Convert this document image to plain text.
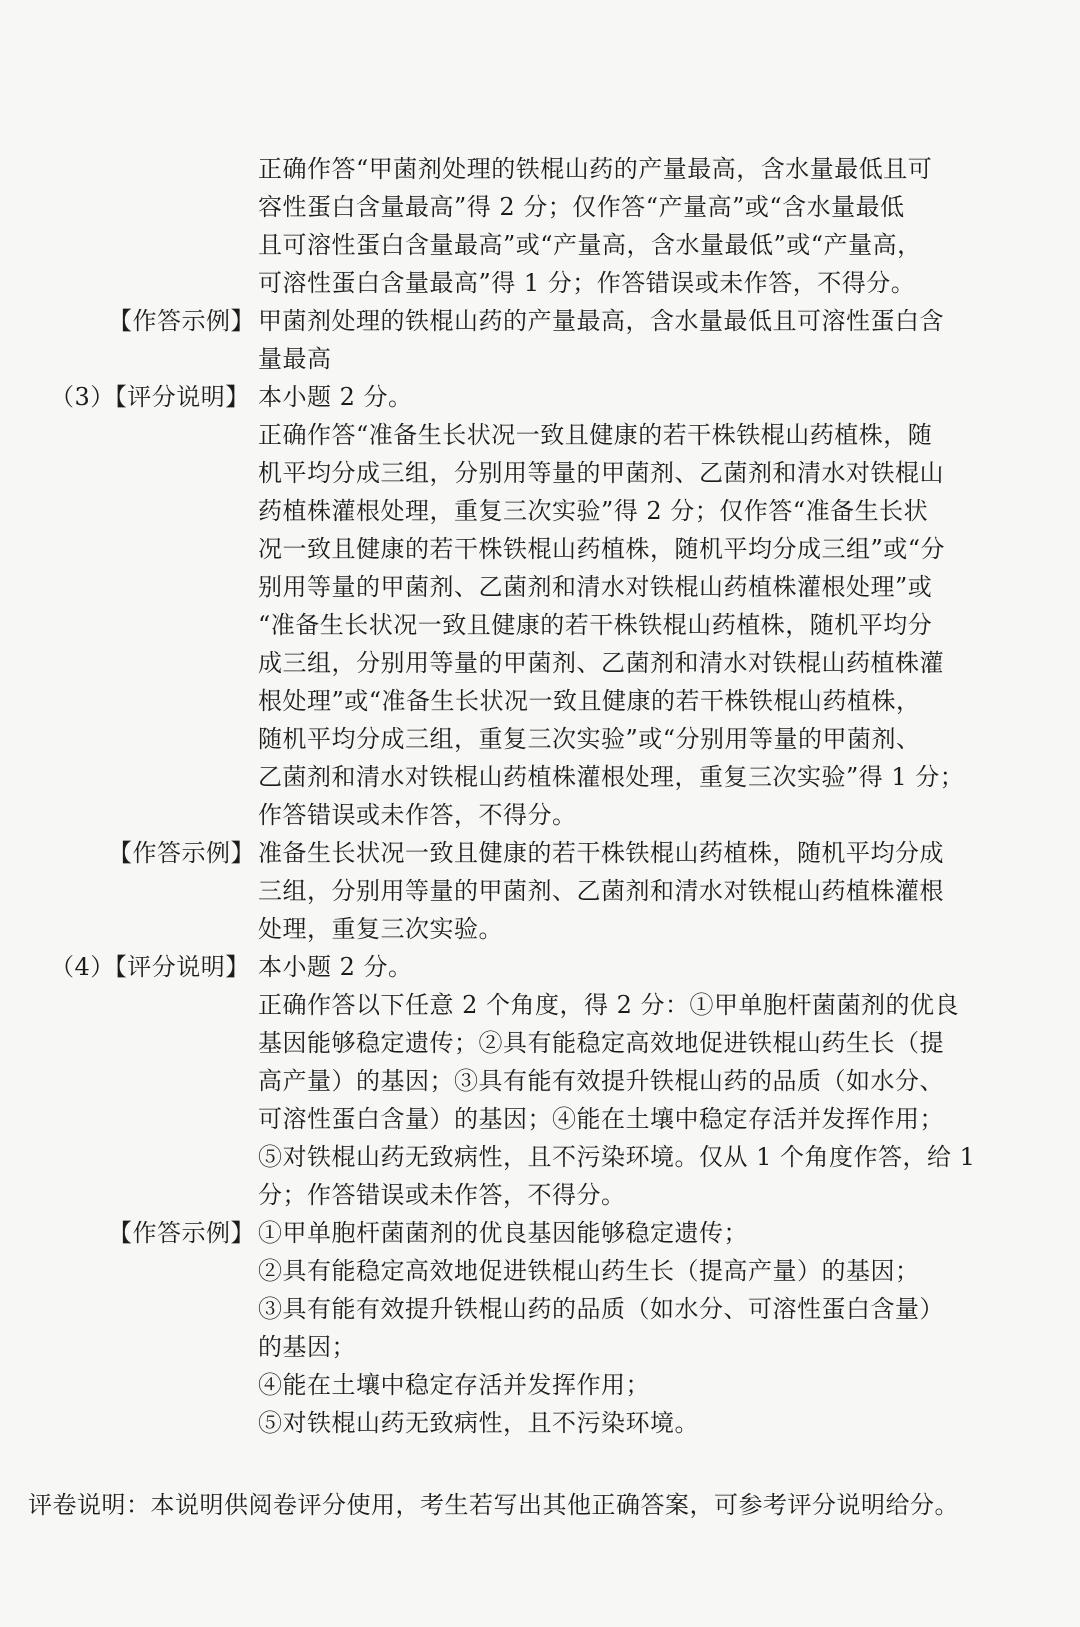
正确作答“甲菌剂处理的铁棍山药的产量最高，含水量最低且可
容性蛋白含量最高”得 2 分；仅作答“产量高”或“含水量最低
且可溶性蛋白含量最高”或“产量高，含水量最低”或“产量高，
可溶性蛋白含量最高”得 1 分；作答错误或未作答，不得分。
【作答示例】 甲菌剂处理的铁棍山药的产量最高，含水量最低且可溶性蛋白含
量最高
（3）【评分说明】 本小题 2 分。
正确作答“准备生长状况一致且健康的若干株铁棍山药植株，随
机平均分成三组，分别用等量的甲菌剂、乙菌剂和清水对铁棍山
药植株灌根处理，重复三次实验”得 2 分；仅作答“准备生长状
况一致且健康的若干株铁棍山药植株，随机平均分成三组”或“分
别用等量的甲菌剂、乙菌剂和清水对铁棍山药植株灌根处理”或
“准备生长状况一致且健康的若干株铁棍山药植株，随机平均分
成三组，分别用等量的甲菌剂、乙菌剂和清水对铁棍山药植株灌
根处理”或“准备生长状况一致且健康的若干株铁棍山药植株，
随机平均分成三组，重复三次实验”或“分别用等量的甲菌剂、
乙菌剂和清水对铁棍山药植株灌根处理，重复三次实验”得 1 分；
作答错误或未作答，不得分。
【作答示例】 准备生长状况一致且健康的若干株铁棍山药植株，随机平均分成
三组，分别用等量的甲菌剂、乙菌剂和清水对铁棍山药植株灌根
处理，重复三次实验。
（4）【评分说明】 本小题 2 分。
正确作答以下任意 2 个角度，得 2 分：①甲单胞杆菌菌剂的优良
基因能够稳定遗传；②具有能稳定高效地促进铁棍山药生长（提
高产量）的基因；③具有能有效提升铁棍山药的品质（如水分、
可溶性蛋白含量）的基因；④能在土壤中稳定存活并发挥作用；
⑤对铁棍山药无致病性，且不污染环境。仅从 1 个角度作答，给 1
分；作答错误或未作答，不得分。
【作答示例】 ①甲单胞杆菌菌剂的优良基因能够稳定遗传；
②具有能稳定高效地促进铁棍山药生长（提高产量）的基因；
③具有能有效提升铁棍山药的品质（如水分、可溶性蛋白含量）
的基因；
④能在土壤中稳定存活并发挥作用；
⑤对铁棍山药无致病性，且不污染环境。
评卷说明：本说明供阅卷评分使用，考生若写出其他正确答案，可参考评分说明给分。
